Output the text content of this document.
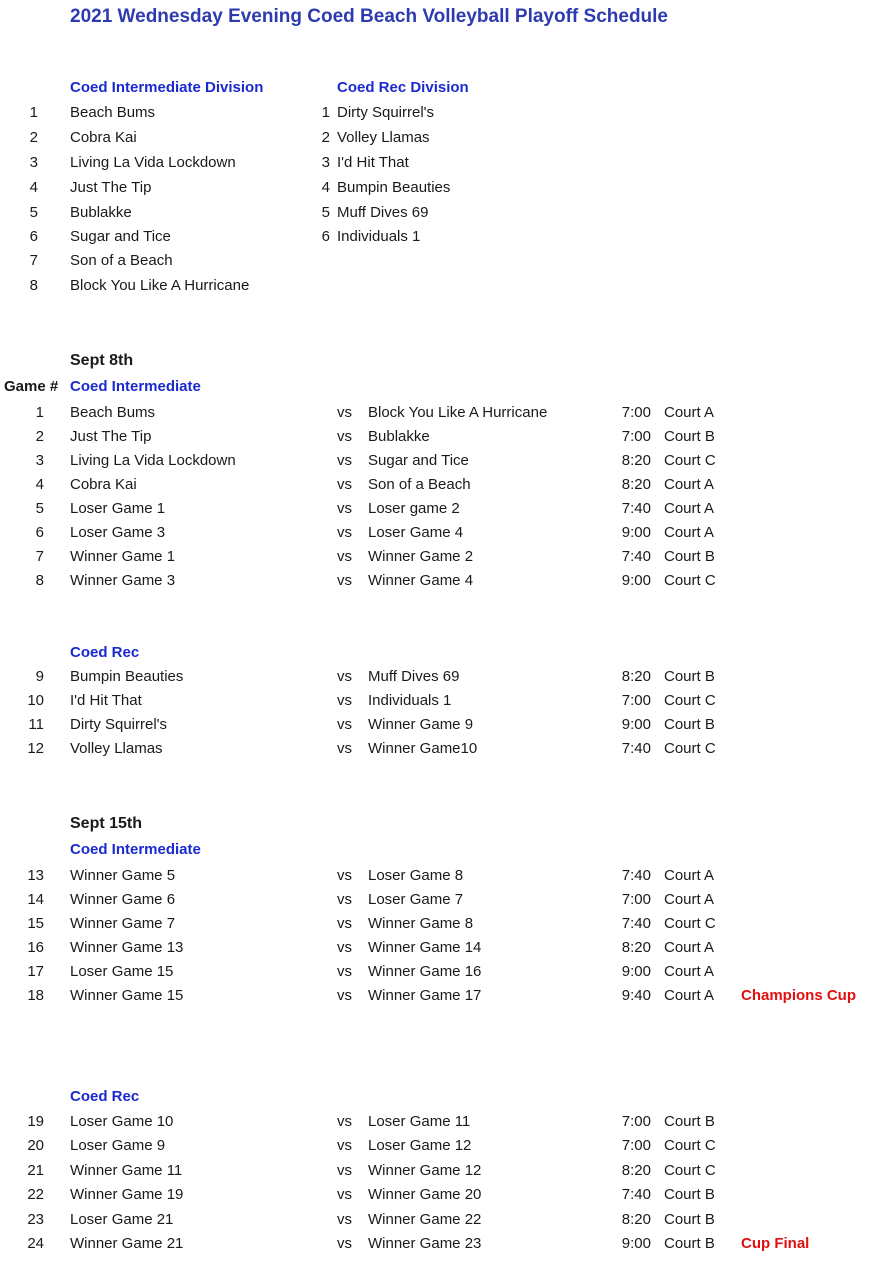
2021 Wednesday Evening Coed Beach Volleyball Playoff Schedule
Coed Intermediate Division	Coed Rec Division
1 Beach Bums
2 Cobra Kai
3 Living La Vida Lockdown
4 Just The Tip
5 Bublakke
6 Sugar and Tice
7 Son of a Beach
8 Block You Like A Hurricane
1 Dirty Squirrel's
2 Volley Llamas
3 I'd Hit That
4 Bumpin Beauties
5 Muff Dives 69
6 Individuals 1
Sept 8th
Game # Coed Intermediate
1 Beach Bums	vs Block You Like A Hurricane	7:00 Court A
2 Just The Tip	vs Bublakke	7:00 Court B
3 Living La Vida Lockdown	vs Sugar and Tice	8:20 Court C
4 Cobra Kai	vs Son of a Beach	8:20 Court A
5 Loser Game 1	vs Loser game 2	7:40 Court A
6 Loser Game 3	vs Loser Game 4	9:00 Court A
7 Winner Game 1	vs Winner Game 2	7:40 Court B
8 Winner Game 3	vs Winner Game 4	9:00 Court C
Coed Rec
9 Bumpin Beauties	vs Muff Dives 69	8:20 Court B
10 I'd Hit That	vs Individuals 1	7:00 Court C
11 Dirty Squirrel's	vs Winner Game 9	9:00 Court B
12 Volley Llamas	vs Winner Game10	7:40 Court C
Sept 15th
Coed Intermediate
13 Winner Game 5	vs Loser Game 8	7:40 Court A
14 Winner Game 6	vs Loser Game 7	7:00 Court A
15 Winner Game 7	vs Winner Game 8	7:40 Court C
16 Winner Game 13	vs Winner Game 14	8:20 Court A
17 Loser Game 15	vs Winner Game 16	9:00 Court A
18 Winner Game 15	vs Winner Game 17	9:40 Court A Champions Cup
Coed Rec
19 Loser Game 10	vs Loser Game 11	7:00 Court B
20 Loser Game 9	vs Loser Game 12	7:00 Court C
21 Winner Game 11	vs Winner Game 12	8:20 Court C
22 Winner Game 19	vs Winner Game 20	7:40 Court B
23 Loser Game 21	vs Winner Game 22	8:20 Court B
24 Winner Game 21	vs Winner Game 23	9:00 Court B Cup Final
